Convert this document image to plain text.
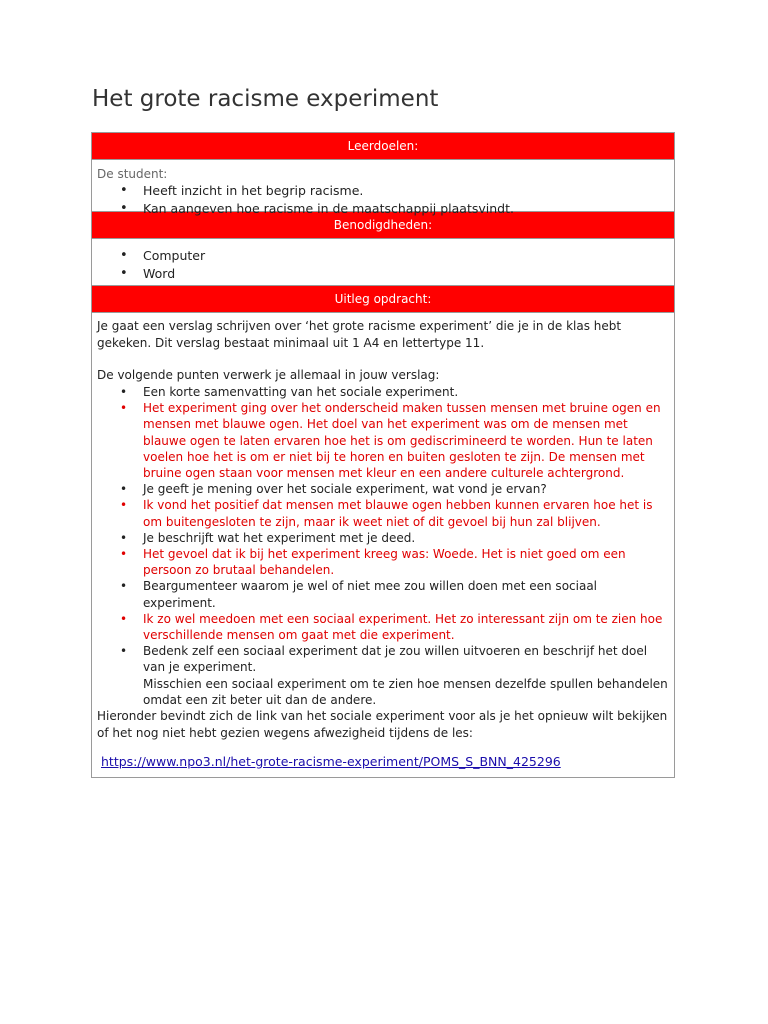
Het grote racisme experiment
Leerdoelen:
De student:
• Heeft inzicht in het begrip racisme.
• Kan aangeven hoe racisme in de maatschappij plaatsvindt.
Benodigdheden:
• Computer
• Word
Uitleg opdracht:

Je gaat een verslag schrijven over ‘het grote racisme experiment’ die je in de klas hebt gekeken. Dit verslag bestaat minimaal uit 1 A4 en lettertype 11.

De volgende punten verwerk je allemaal in jouw verslag:

• Een korte samenvatting van het sociale experiment.
• Het experiment ging over het onderscheid maken tussen mensen met bruine ogen en mensen met blauwe ogen. Het doel van het experiment was om de mensen met blauwe ogen te laten ervaren hoe het is om gediscrimineerd te worden. Hun te laten voelen hoe het is om er niet bij te horen en buiten gesloten te zijn. De mensen met bruine ogen staan voor mensen met kleur en een andere culturele achtergrond.
• Je geeft je mening over het sociale experiment, wat vond je ervan?
• Ik vond het positief dat mensen met blauwe ogen hebben kunnen ervaren hoe het is om buitengesloten te zijn, maar ik weet niet of dit gevoel bij hun zal blijven.
• Je beschrijft wat het experiment met je deed.
• Het gevoel dat ik bij het experiment kreeg was: Woede. Het is niet goed om een persoon zo brutaal behandelen.
• Beargumenteer waarom je wel of niet mee zou willen doen met een sociaal experiment.
• Ik zo wel meedoen met een sociaal experiment. Het zo interessant zijn om te zien hoe verschillende mensen om gaat met die experiment.
• Bedenk zelf een sociaal experiment dat je zou willen uitvoeren en beschrijf het doel van je experiment.
Misschien een sociaal experiment om te zien hoe mensen dezelfde spullen behandelen omdat een zit beter uit dan de andere.

Hieronder bevindt zich de link van het sociale experiment voor als je het opnieuw wilt bekijken of het nog niet hebt gezien wegens afwezigheid tijdens de les:

https://www.npo3.nl/het-grote-racisme-experiment/POMS_S_BNN_425296
